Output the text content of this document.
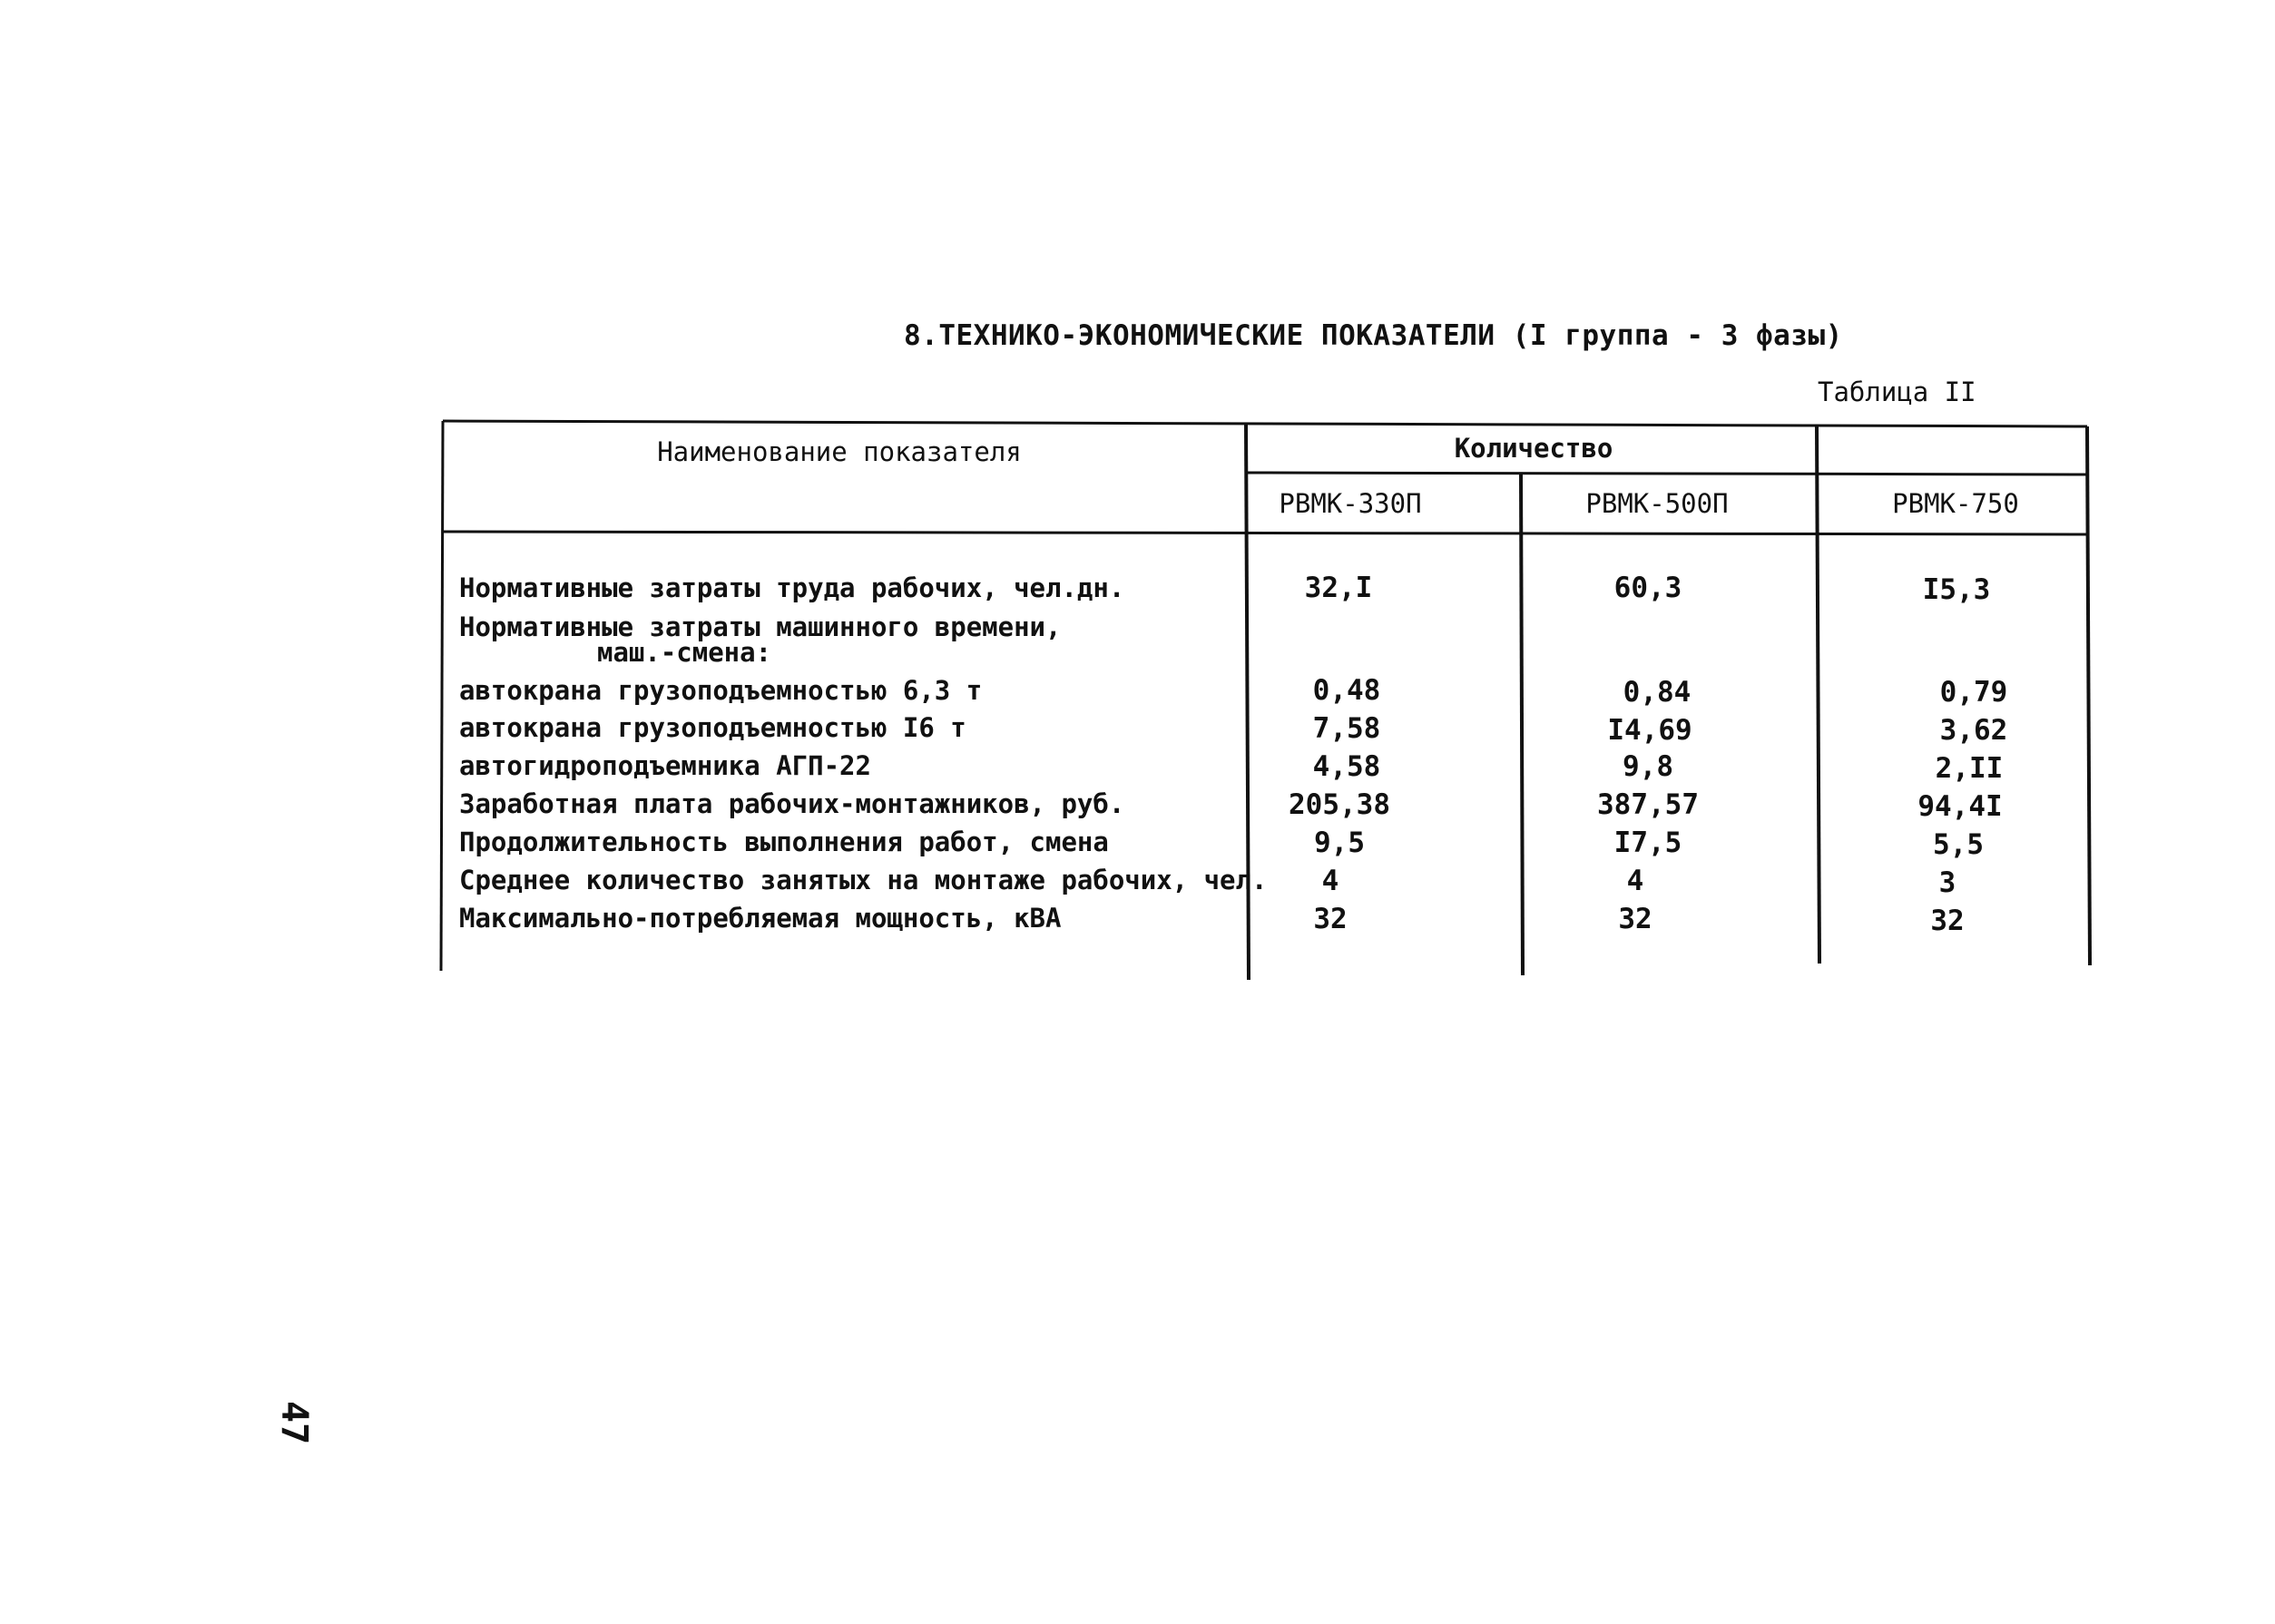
8.ТЕХНИКО-ЭКОНОМИЧЕСКИЕ ПОКАЗАТЕЛИ (I группа - 3 фазы)
Таблица II
Наименование показателя	Количество
РВМК-330П	РВМК-500П	РВМК-750
Нормативные затраты труда рабочих, чел.дн.	32,I	60,3	I5,3
Нормативные затраты машинного времени,
маш.-смена:
автокрана грузоподъемностью 6,3 т	0,48	0,84	0,79
автокрана грузоподъемностью I6 т	7,58	I4,69	3,62
автогидроподъемника АГП-22	4,58	9,8	2,II
Заработная плата рабочих-монтажников, руб.	205,38	387,57	94,4I
Продолжительность выполнения работ, смена	9,5	I7,5	5,5
Среднее количество занятых на монтаже рабочих, чел.	4	4	3
Максимально-потребляемая мощность, кВА	32	32	32
47
